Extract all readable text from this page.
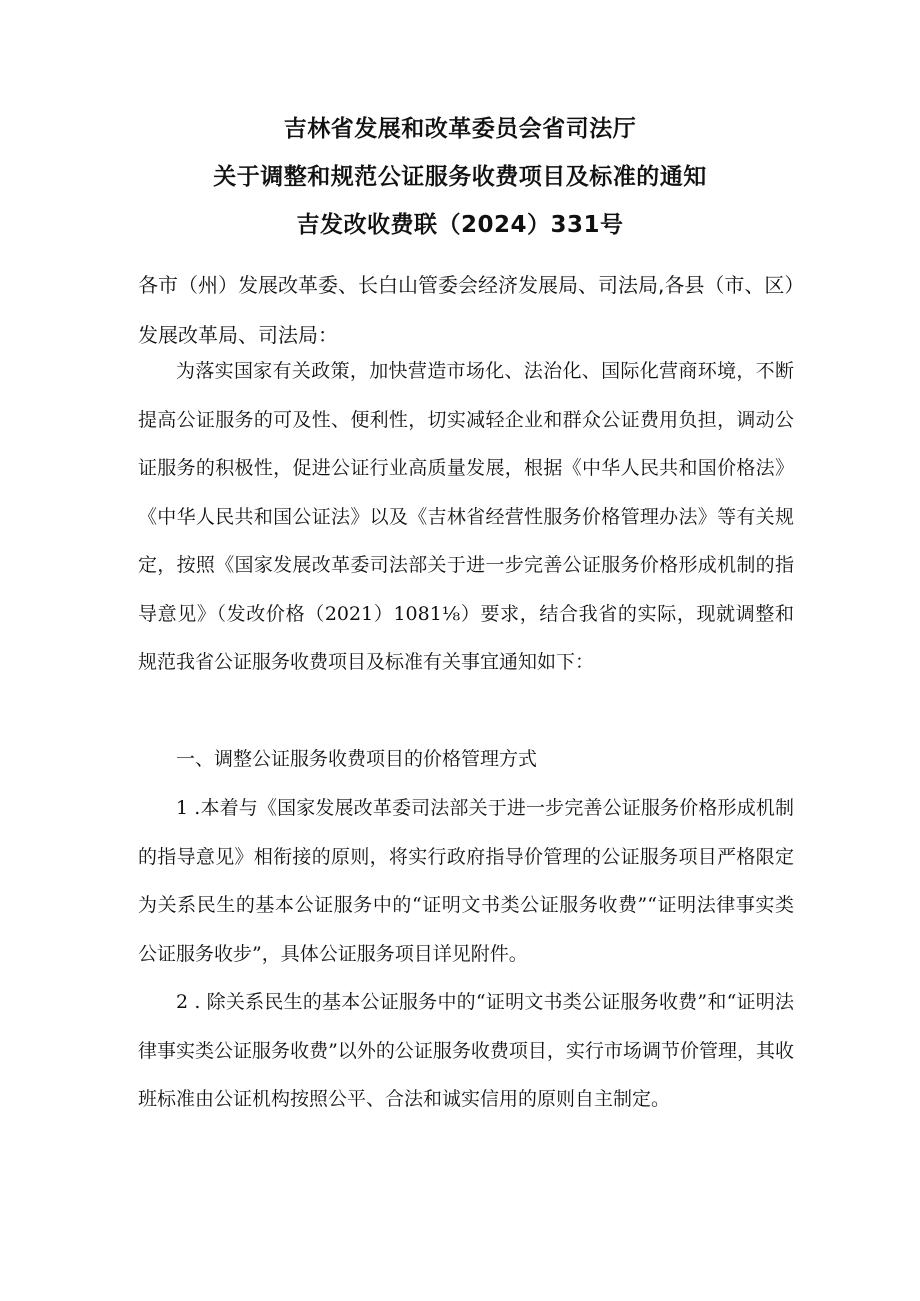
吉林省发展和改革委员会省司法厅
关于调整和规范公证服务收费项目及标准的通知
吉发改收费联（2024）331号
各市（州）发展改革委、长白山管委会经济发展局、司法局,各县（市、区）发展改革局、司法局：

为落实国家有关政策，加快营造市场化、法治化、国际化营商环境，不断提高公证服务的可及性、便利性，切实减轻企业和群众公证费用负担，调动公证服务的积极性，促进公证行业高质量发展，根据《中华人民共和国价格法》《中华人民共和国公证法》以及《吉林省经营性服务价格管理办法》等有关规定，按照《国家发展改革委司法部关于进一步完善公证服务价格形成机制的指导意见》（发改价格（2021）1081⅛）要求，结合我省的实际，现就调整和规范我省公证服务收费项目及标准有关事宜通知如下：

一、调整公证服务收费项目的价格管理方式

1 .本着与《国家发展改革委司法部关于进一步完善公证服务价格形成机制的指导意见》相衔接的原则，将实行政府指导价管理的公证服务项目严格限定为关系民生的基本公证服务中的“证明文书类公证服务收费”“证明法律事实类公证服务收步”，具体公证服务项目详见附件。

2 . 除关系民生的基本公证服务中的“证明文书类公证服务收费”和“证明法律事实类公证服务收费”以外的公证服务收费项目，实行市场调节价管理，其收班标准由公证机构按照公平、合法和诚实信用的原则自主制定。
